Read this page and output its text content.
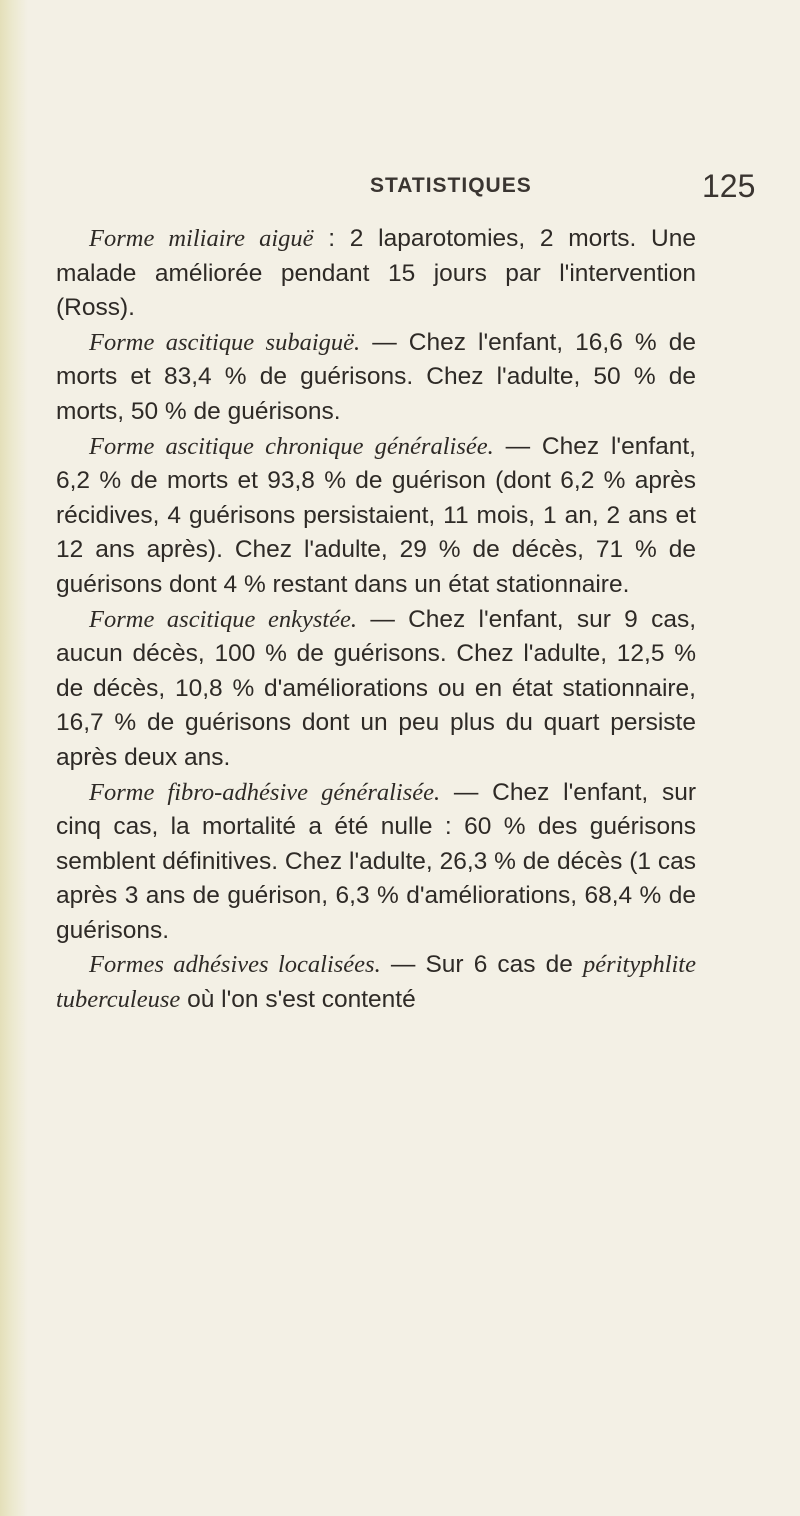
STATISTIQUES	125

Forme miliaire aiguë : 2 laparotomies, 2 morts. Une malade améliorée pendant 15 jours par l'intervention (Ross).

Forme ascitique subaiguë. — Chez l'enfant, 16,6 % de morts et 83,4 % de guérisons. Chez l'adulte, 50 % de morts, 50 % de guérisons.

Forme ascitique chronique généralisée. — Chez l'enfant, 6,2 % de morts et 93,8 % de guérison (dont 6,2 % après récidives, 4 guérisons persistaient, 11 mois, 1 an, 2 ans et 12 ans après). Chez l'adulte, 29 % de décès, 71 % de guérisons dont 4 % restant dans un état stationnaire.

Forme ascitique enkystée. — Chez l'enfant, sur 9 cas, aucun décès, 100 % de guérisons. Chez l'adulte, 12,5 % de décès, 10,8 % d'améliorations ou en état stationnaire, 16,7 % de guérisons dont un peu plus du quart persiste après deux ans.

Forme fibro-adhésive généralisée. — Chez l'enfant, sur cinq cas, la mortalité a été nulle : 60 % des guérisons semblent définitives. Chez l'adulte, 26,3 % de décès (1 cas après 3 ans de guérison, 6,3 % d'améliorations, 68,4 % de guérisons.

Formes adhésives localisées. — Sur 6 cas de pérityphlite tuberculeuse où l'on s'est contenté
